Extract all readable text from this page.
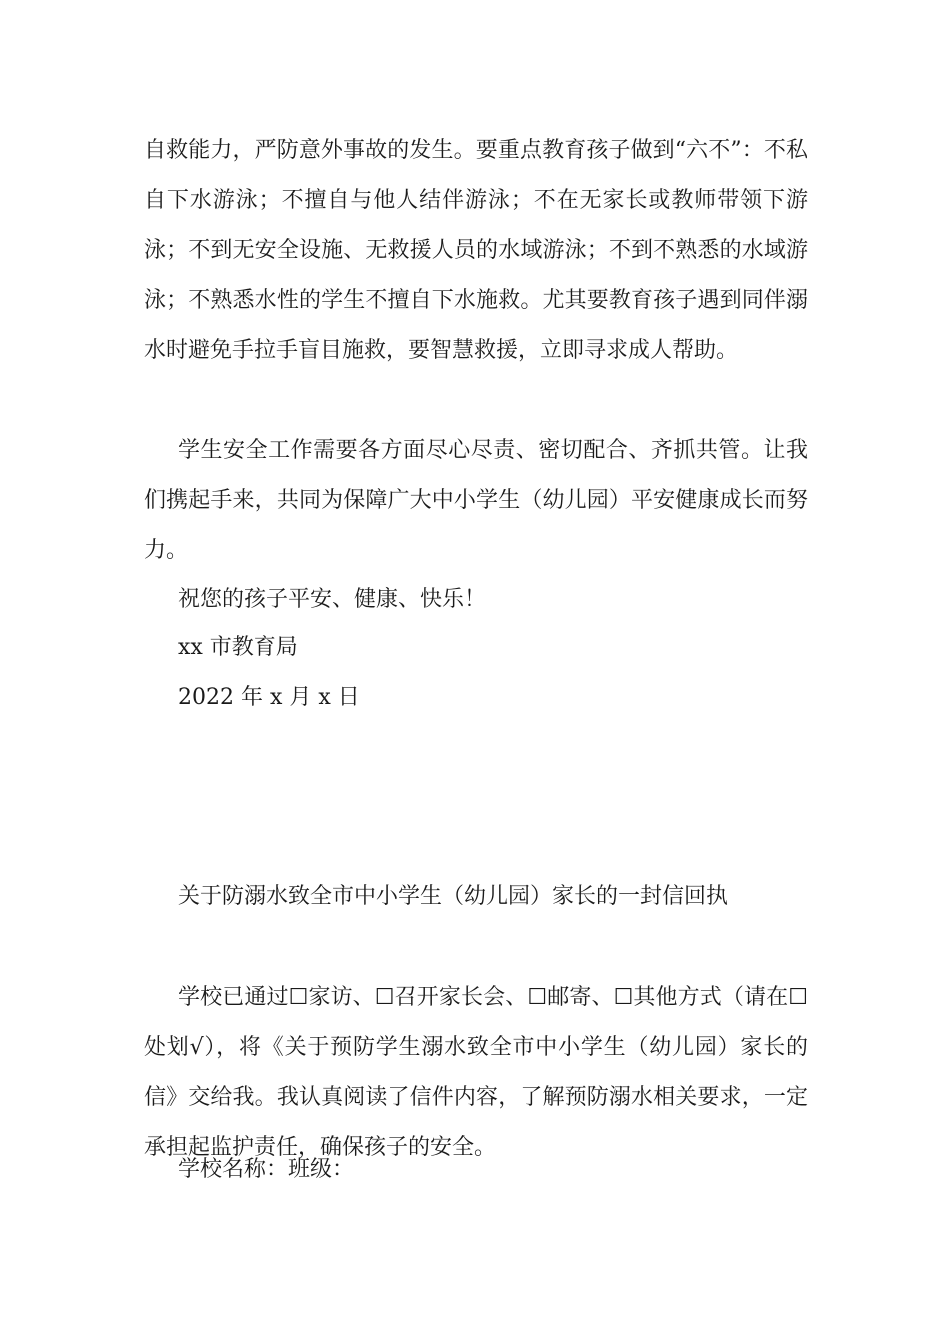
自救能力，严防意外事故的发生。要重点教育孩子做到“六不”：不私自下水游泳；不擅自与他人结伴游泳；不在无家长或教师带领下游泳；不到无安全设施、无救援人员的水域游泳；不到不熟悉的水域游泳；不熟悉水性的学生不擅自下水施救。尤其要教育孩子遇到同伴溺水时避免手拉手盲目施救，要智慧救援，立即寻求成人帮助。
学生安全工作需要各方面尽心尽责、密切配合、齐抓共管。让我们携起手来，共同为保障广大中小学生（幼儿园）平安健康成长而努力。
祝您的孩子平安、健康、快乐！
xx 市教育局
2022 年 x 月 x 日
关于防溺水致全市中小学生（幼儿园）家长的一封信回执
学校已通过☐家访、☐召开家长会、☐邮寄、☐其他方式（请在☐处划√），将《关于预防学生溺水致全市中小学生（幼儿园）家长的信》交给我。我认真阅读了信件内容，了解预防溺水相关要求，一定承担起监护责任，确保孩子的安全。
学校名称：班级：
